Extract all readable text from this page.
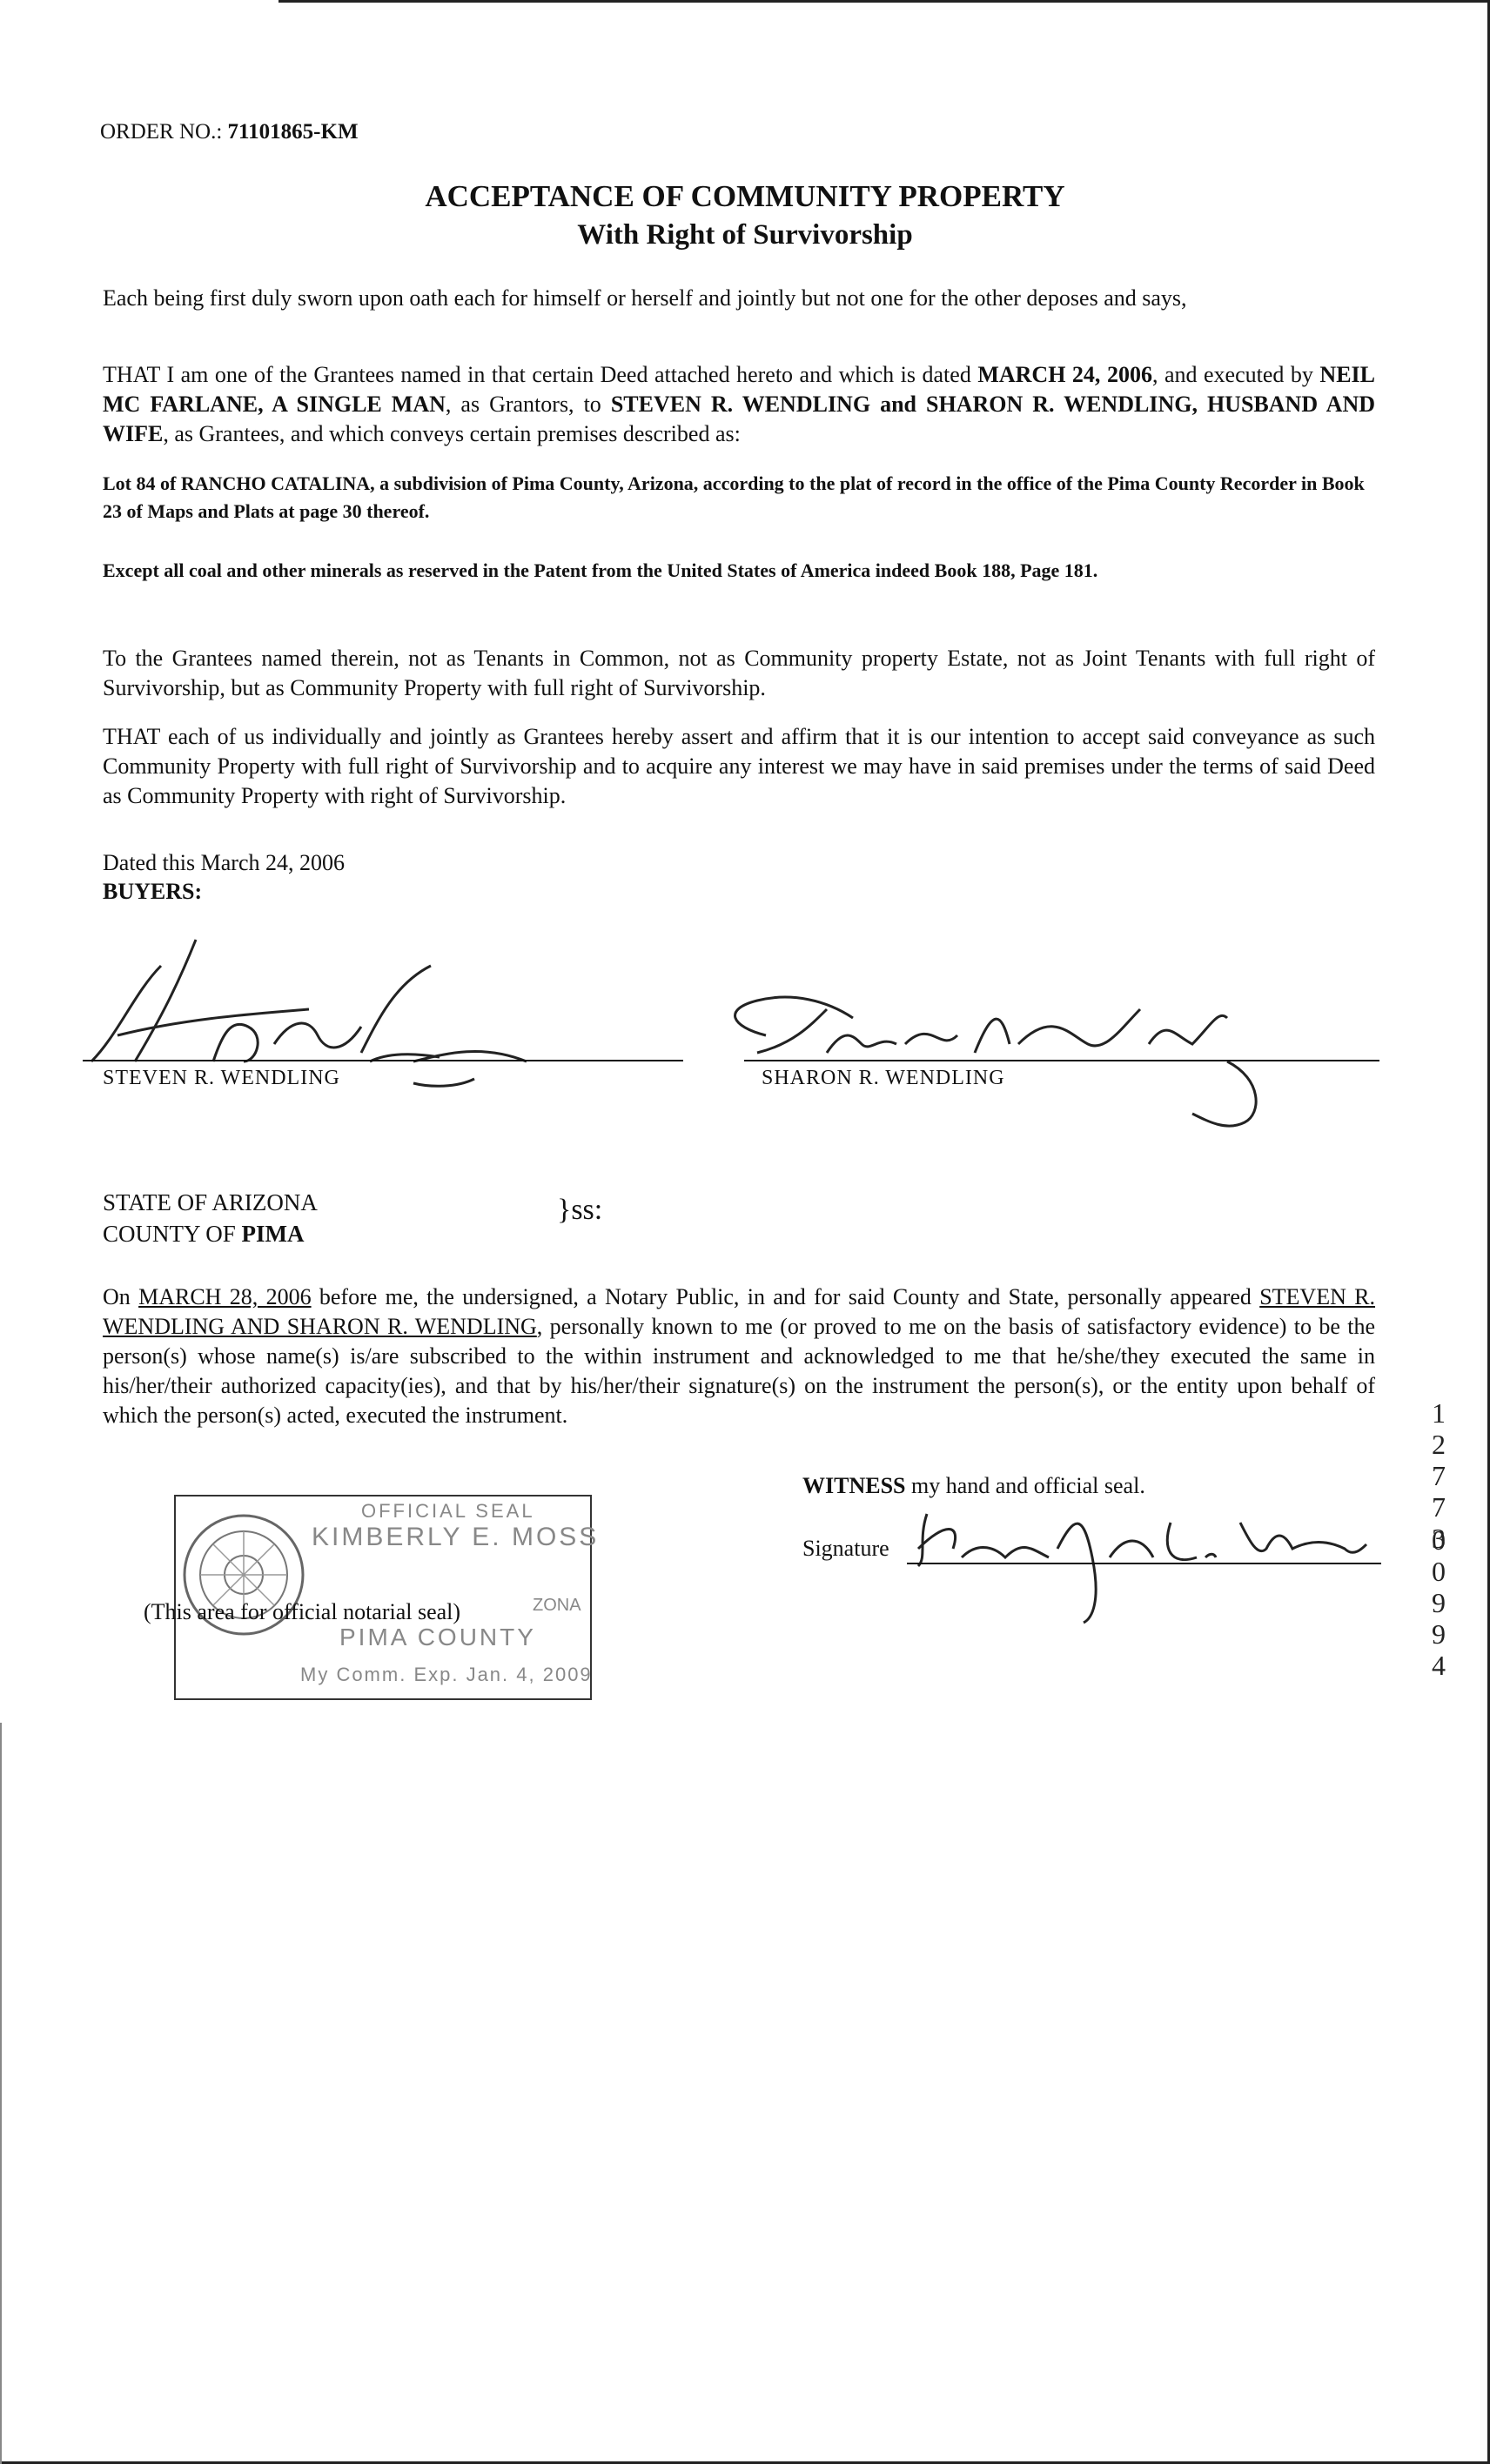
ORDER NO.: 71101865-KM
ACCEPTANCE OF COMMUNITY PROPERTY
With Right of Survivorship
Each being first duly sworn upon oath each for himself or herself and jointly but not one for the other deposes and says,
THAT I am one of the Grantees named in that certain Deed attached hereto and which is dated MARCH 24, 2006, and executed by NEIL MC FARLANE, A SINGLE MAN, as Grantors, to STEVEN R. WENDLING and SHARON R. WENDLING, HUSBAND AND WIFE, as Grantees, and which conveys certain premises described as:
Lot 84 of RANCHO CATALINA, a subdivision of Pima County, Arizona, according to the plat of record in the office of the Pima County Recorder in Book 23 of Maps and Plats at page 30 thereof.
Except all coal and other minerals as reserved in the Patent from the United States of America indeed Book 188, Page 181.
To the Grantees named therein, not as Tenants in Common, not as Community property Estate, not as Joint Tenants with full right of Survivorship, but as Community Property with full right of Survivorship.
THAT each of us individually and jointly as Grantees hereby assert and affirm that it is our intention to accept said conveyance as such Community Property with full right of Survivorship and to acquire any interest we may have in said premises under the terms of said Deed as Community Property with right of Survivorship.
Dated this March 24, 2006
BUYERS:
STEVEN R. WENDLING	SHARON R. WENDLING
STATE OF ARIZONA
COUNTY OF PIMA
}ss:
On MARCH 28, 2006 before me, the undersigned, a Notary Public, in and for said County and State, personally appeared STEVEN R. WENDLING AND SHARON R. WENDLING, personally known to me (or proved to me on the basis of satisfactory evidence) to be the person(s) whose name(s) is/are subscribed to the within instrument and acknowledged to me that he/she/they executed the same in his/her/their authorized capacity(ies), and that by his/her/their signature(s) on the instrument the person(s), or the entity upon behalf of which the person(s) acted, executed the instrument.
WITNESS my hand and official seal.
Signature
OFFICIAL SEAL
KIMBERLY E. MOSS
ZONA
PIMA COUNTY
My Comm. Exp. Jan. 4, 2009
(This area for official notarial seal)
12773
00994
